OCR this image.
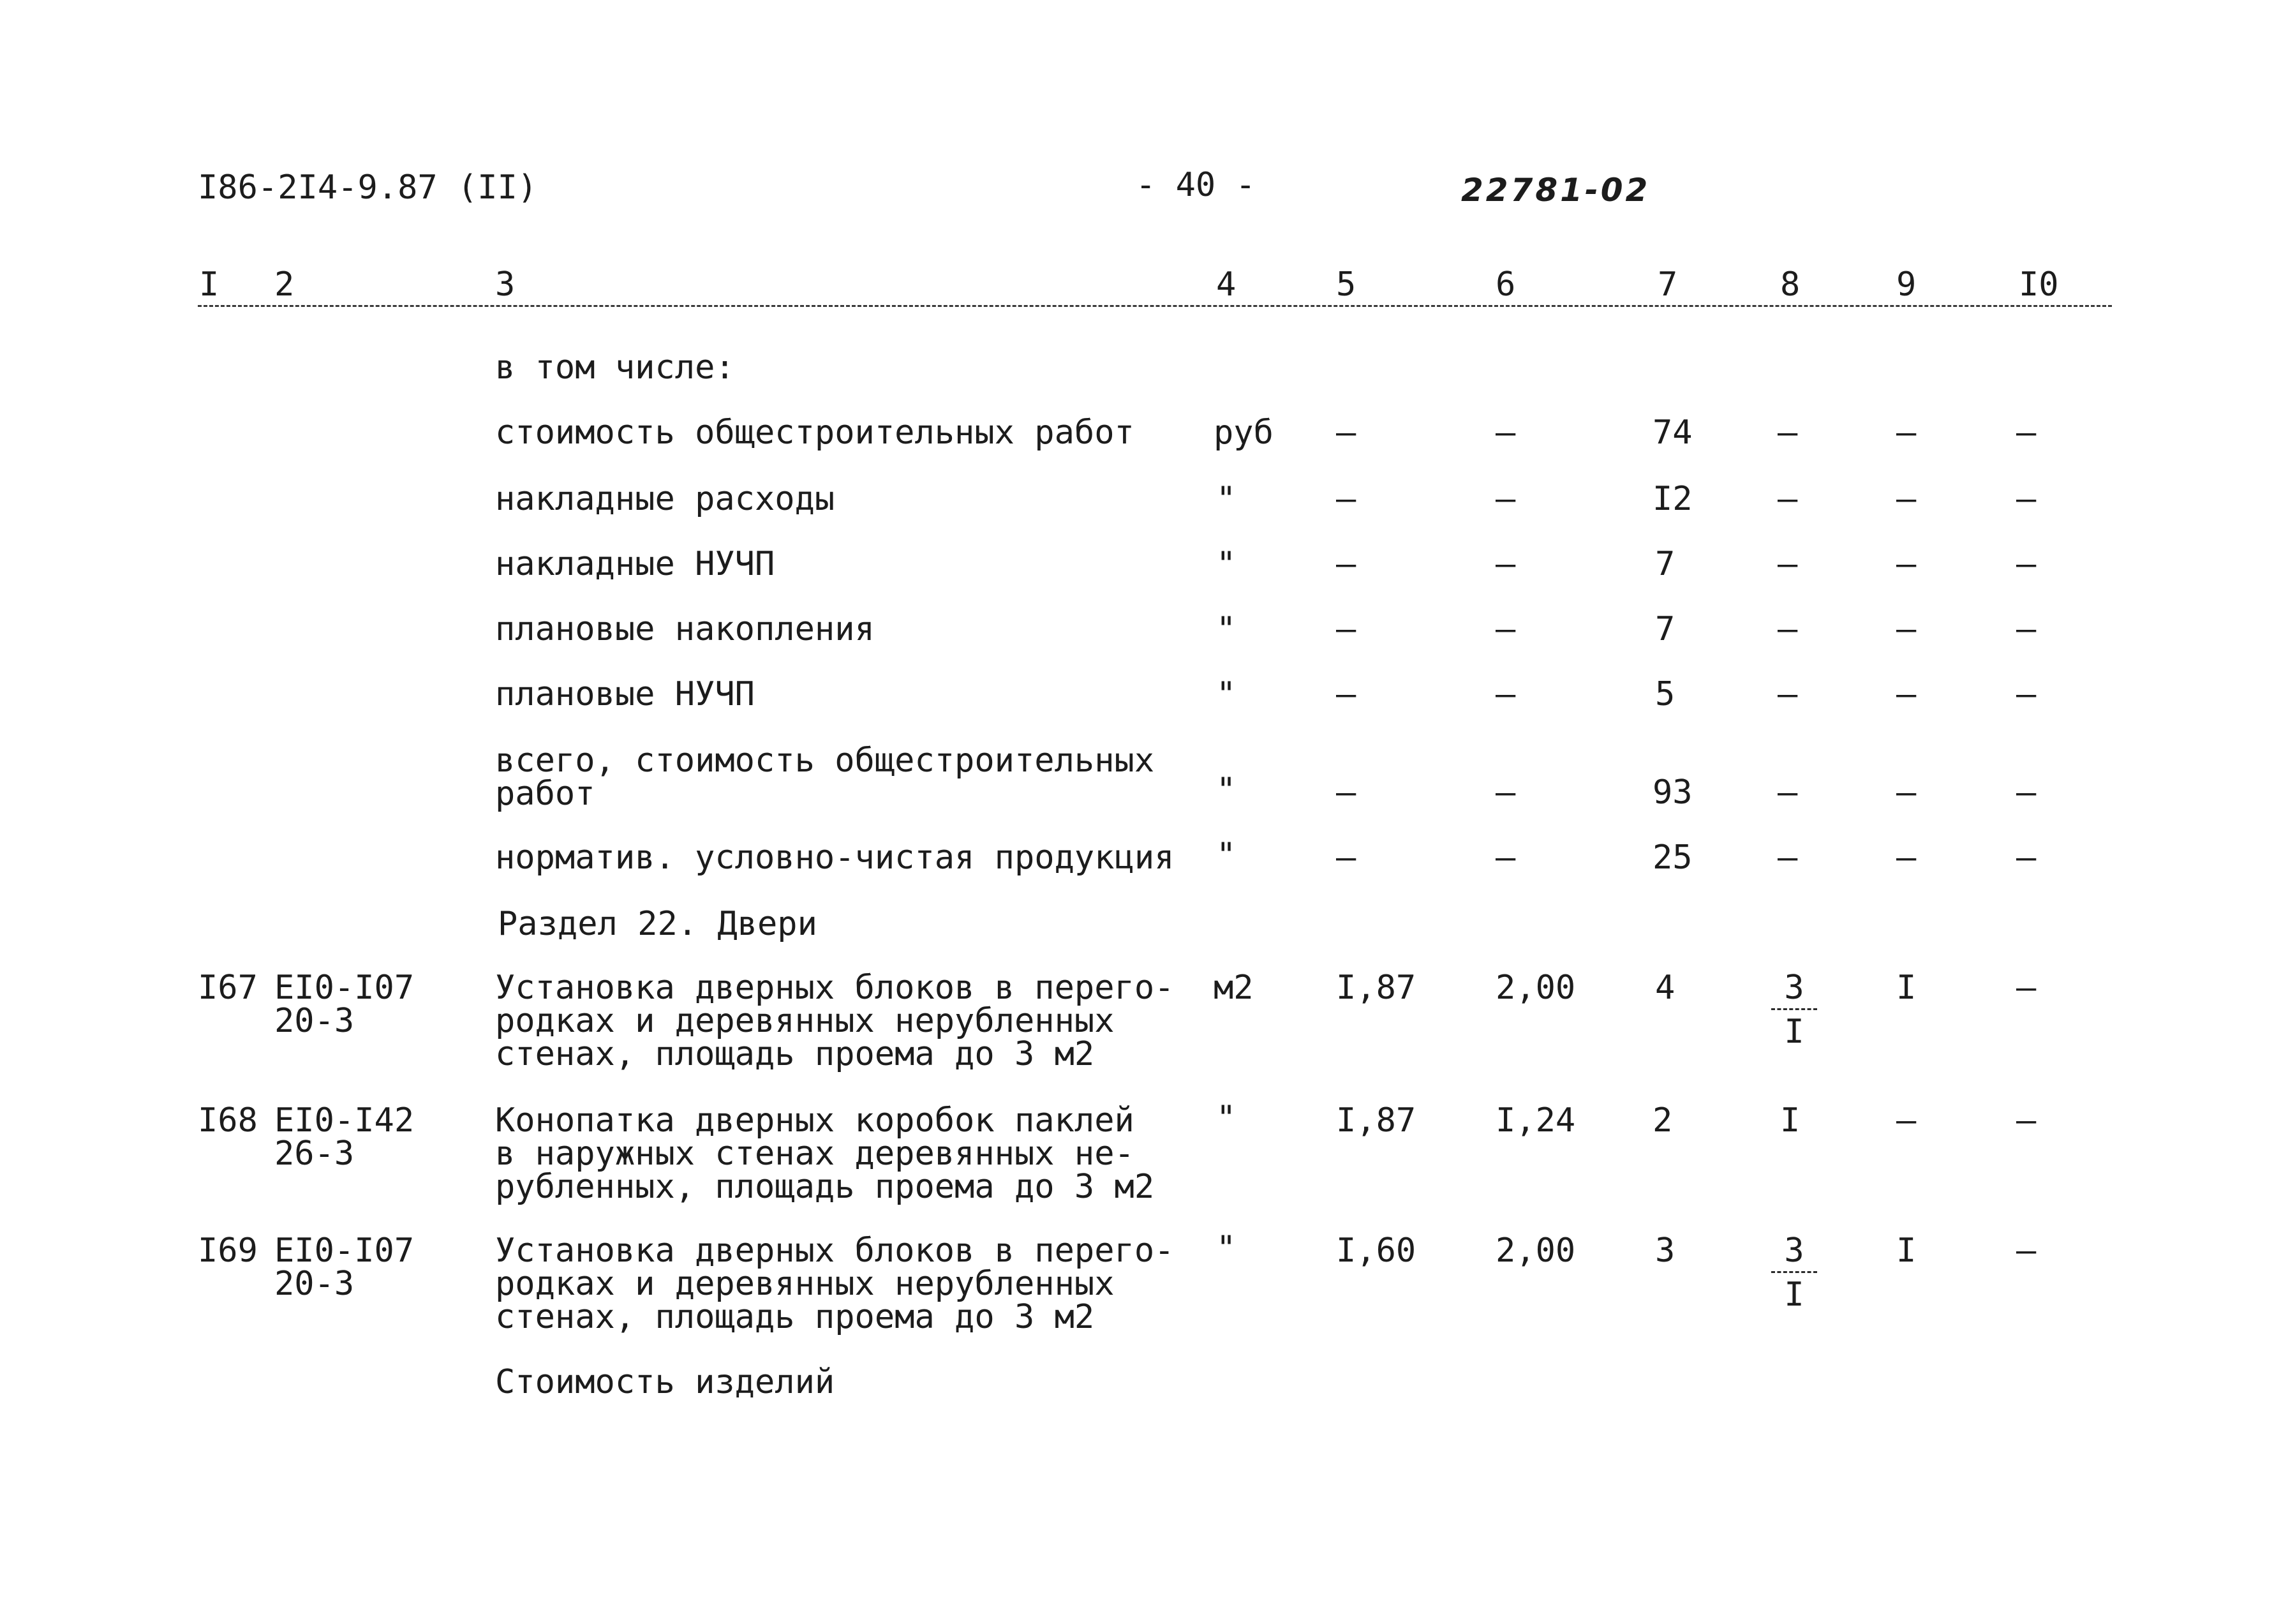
I86-2I4-9.87 (II)	- 40 -	22781-02
I 2	3	4	5	6	7	8	9	I0
в том числе:
стоимость общестроительных работ руб –	–	74	–	–	–
накладные расходы	"	–	–	I2	–	–	–
накладные НУЧП	"	–	–	7	–	–	–
плановые накопления	"	–	–	7	–	–	–
плановые НУЧП	"	–	–	5	–	–	–
всего, стоимость общестроительных
работ	"	–	–	93	–	–	–
норматив. условно-чистая продукция "	–	–	25	–	–	–
Раздел 22. Двери
I67 EI0-I07
20-3
Установка дверных блоков в перего-
родках и деревянных нерубленных
стенах, площадь проема до 3 м2
м2 I,87 2,00 4	$\frac{3}{I}$ I	–
I68 EI0-I42
26-3
Конопатка дверных коробок паклей
в наружных стенах деревянных не-
рубленных, площадь проема до 3 м2
"	I,87 I,24 2	I	–	–
I69 EI0-I07
20-3
Установка дверных блоков в перего-
родках и деревянных нерубленных
стенах, площадь проема до 3 м2
"	I,60 2,00 3	$\frac{3}{I}$ I	–
Стоимость изделий
